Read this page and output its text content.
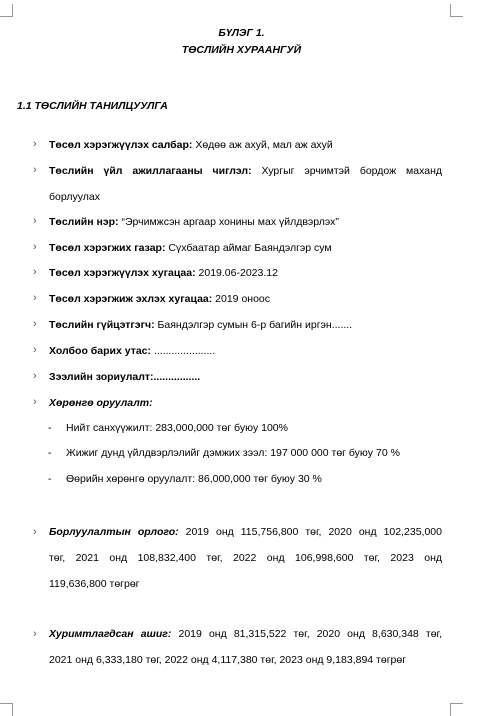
БҮЛЭГ 1.
ТӨСЛИЙН ХУРААНГУЙ
1.1 ТӨСЛИЙН ТАНИЛЦУУЛГА
› Төсөл хэрэгжүүлэх салбар: Хөдөө аж ахуй, мал аж ахуй
› Төслийн үйл ажиллагааны чиглэл: Хургыг эрчимтэй бордож маханд
борлуулах
› Төслийн нэр: “Эрчимжсэн аргаар хонины мах үйлдвэрлэх”
› Төсөл хэрэгжих газар: Сүхбаатар аймаг Баяндэлгэр сум
› Төсөл хэрэгжүүлэх хугацаа: 2019.06-2023.12
› Төсөл хэрэгжиж эхлэх хугацаа: 2019 оноос
› Төслийн гүйцэтгэгч: Баяндэлгэр сумын 6-р багийн иргэн.......
› Холбоо барих утас: .....................
› Зээлийн зориулалт:................
› Хөрөнгө оруулалт:
- Нийт санхүүжилт: 283,000,000 төг буюу 100%
- Жижиг дунд үйлдвэрлэлийг дэмжих зээл: 197 000 000 төг буюу 70 %
- Өөрийн хөрөнгө оруулалт: 86,000,000 төг буюу 30 %
› Борлуулалтын орлого: 2019 онд 115,756,800 төг, 2020 онд 102,235,000
төг, 2021 онд 108,832,400 төг, 2022 онд 106,998,600 төг, 2023 онд
119,636,800 төгрөг
› Хуримтлагдсан ашиг: 2019 онд 81,315,522 төг, 2020 онд 8,630,348 төг,
2021 онд 6,333,180 төг, 2022 онд 4,117,380 төг, 2023 онд 9,183,894 төгрөг
